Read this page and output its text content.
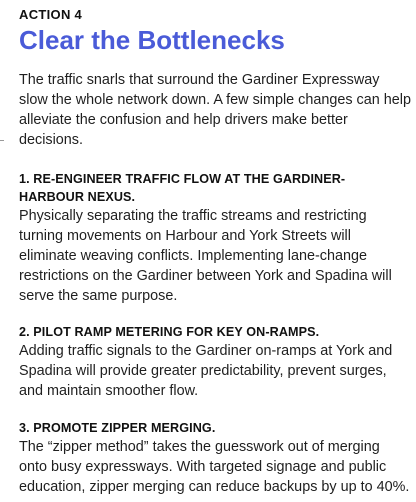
ACTION 4
Clear the Bottlenecks

The traffic snarls that surround the Gardiner Expressway slow the whole network down. A few simple changes can help alleviate the confusion and help drivers make better decisions.

1. RE-ENGINEER TRAFFIC FLOW AT THE GARDINER-HARBOUR NEXUS.

Physically separating the traffic streams and restricting turning movements on Harbour and York Streets will eliminate weaving conflicts. Implementing lane-change restrictions on the Gardiner between York and Spadina will serve the same purpose.

2. PILOT RAMP METERING FOR KEY ON-RAMPS.

Adding traffic signals to the Gardiner on-ramps at York and Spadina will provide greater predictability, prevent surges, and maintain smoother flow.

3. PROMOTE ZIPPER MERGING.

The “zipper method” takes the guesswork out of merging onto busy expressways. With targeted signage and public education, zipper merging can reduce backups by up to 40%.
